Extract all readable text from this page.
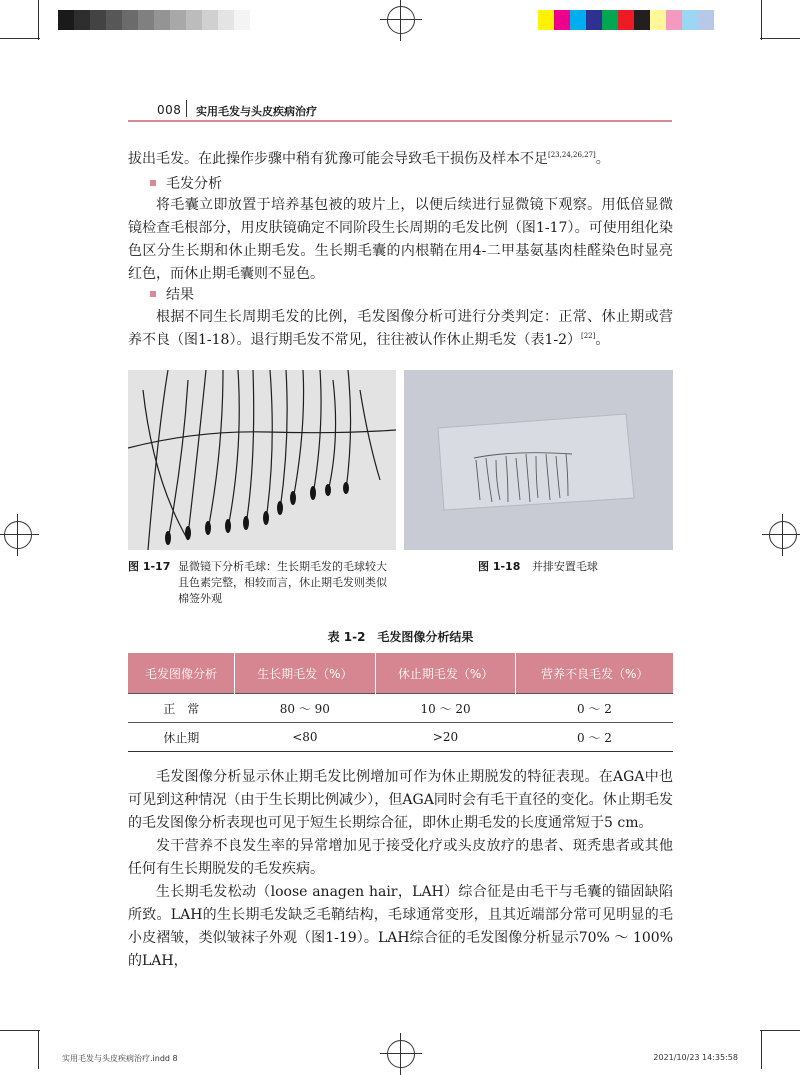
008 实用毛发与头皮疾病治疗
拔出毛发。在此操作步骤中稍有犹豫可能会导致毛干损伤及样本不足[23,24,26,27]。
毛发分析
将毛囊立即放置于培养基包被的玻片上，以便后续进行显微镜下观察。用低倍显微镜检查毛根部分，用皮肤镜确定不同阶段生长周期的毛发比例（图1-17）。可使用组化染色区分生长期和休止期毛发。生长期毛囊的内根鞘在用4-二甲基氨基肉桂醛染色时显亮红色，而休止期毛囊则不显色。
结果
根据不同生长周期毛发的比例，毛发图像分析可进行分类判定：正常、休止期或营养不良（图1-18）。退行期毛发不常见，往往被认作休止期毛发（表1-2）[22]。
图 1-17 显微镜下分析毛球：生长期毛发的毛球较大且色素完整，相较而言，休止期毛发则类似棉签外观
图 1-18 并排安置毛球
表 1-2　毛发图像分析结果
毛发图像分析	生长期毛发（%）	休止期毛发（%）	营养不良毛发（%）
正　常	80 ～ 90	10 ～ 20	0 ～ 2
休止期	<80	>20	0 ～ 2
毛发图像分析显示休止期毛发比例增加可作为休止期脱发的特征表现。在AGA中也可见到这种情况（由于生长期比例减少），但AGA同时会有毛干直径的变化。休止期毛发的毛发图像分析表现也可见于短生长期综合征，即休止期毛发的长度通常短于5 cm。
发干营养不良发生率的异常增加见于接受化疗或头皮放疗的患者、斑秃患者或其他任何有生长期脱发的毛发疾病。
生长期毛发松动（loose anagen hair，LAH）综合征是由毛干与毛囊的锚固缺陷所致。LAH的生长期毛发缺乏毛鞘结构，毛球通常变形，且其近端部分常可见明显的毛小皮褶皱，类似皱袜子外观（图1-19）。LAH综合征的毛发图像分析显示70% ～ 100%的LAH，
实用毛发与头皮疾病治疗.indd 8	2021/10/23 14:35:58
